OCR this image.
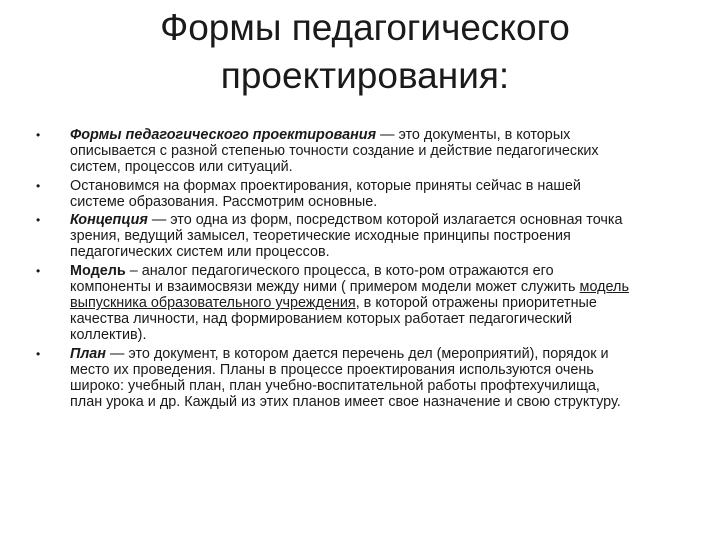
Формы педагогического
проектирования:
•	Формы педагогического проектирования — это документы, в которых описывается с разной степенью точности создание и действие педагогических систем, процессов или ситуаций.
•	Остановимся на формах проектирования, которые приняты сейчас в нашей системе образования. Рассмотрим основные.
•	Концепция — это одна из форм, посредством которой излагается основная точка зрения, ведущий замысел, теоретические исходные принципы построения педагогических систем или процессов.
•	Модель – аналог педагогического процесса, в кото-ром отражаются его компоненты и взаимосвязи между ними ( примером модели может служить модель выпускника образовательного учреждения, в которой отражены приоритетные качества личности, над формированием которых работает педагогический коллектив).
•	План — это документ, в котором дается перечень дел (мероприятий), порядок и место их проведения. Планы в процессе проектирования используются очень широко: учебный план, план учебно-воспитательной работы профтехучилища, план урока и др. Каждый из этих планов имеет свое назначение и свою структуру.
